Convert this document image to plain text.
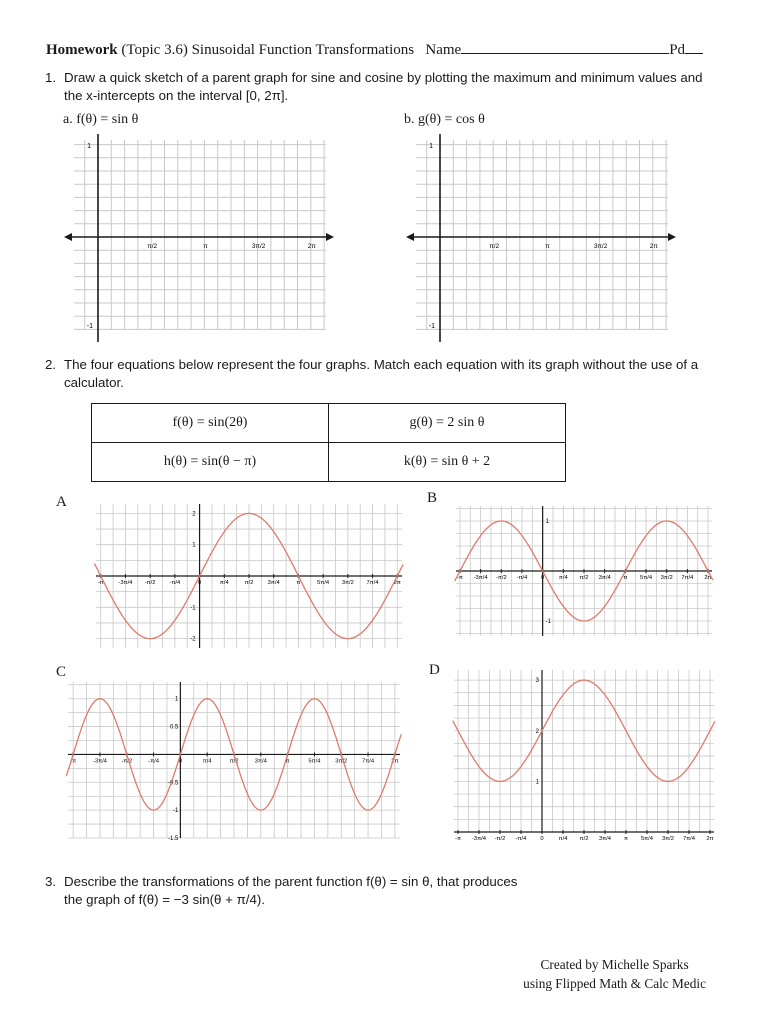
Homework (Topic 3.6) Sinusoidal Function Transformations Name	Pd
1. Draw a quick sketch of a parent graph for sine and cosine by plotting the maximum and minimum values and
the x-intercepts on the interval [0, 2π].
a. f(θ) = sin θ	b. g(θ) = cos θ
1
-1
π/2	π	3π/2	2π
1
-1
π/2	π	3π/2	2π
2. The four equations below represent the four graphs. Match each equation with its graph without the use of a
calculator.
f(θ) = sin(2θ)	g(θ) = 2 sin θ
h(θ) = sin(θ − π)	k(θ) = sin θ + 2
A	B
C	D
-π	-3π/4 -π/2 -π/4	0	π/4	π/2 3π/4	π	5π/4 3π/2 7π/4	2π
-2
-1
1
2
-π -3π/4 -π/2 -π/4 0	π/4 π/2 3π/4 π 5π/4 3π/2 7π/4 2π
-1
1
-π	-3π/4 -π/2	-π/4	0	π/4	π/2	3π/4	π	5π/4	3π/2	7π/4	2π
-1.5
-1
-0.5
0.5
1
-π -3π/4 -π/2 -π/4 0	π/4 π/2 3π/4 π 5π/4 3π/2 7π/4 2π
1
2
3
3. Describe the transformations of the parent function f(θ) = sin θ, that produces
the graph of f(θ) = −3 sin(θ + π/4).
Created by Michelle Sparks
using Flipped Math & Calc Medic
